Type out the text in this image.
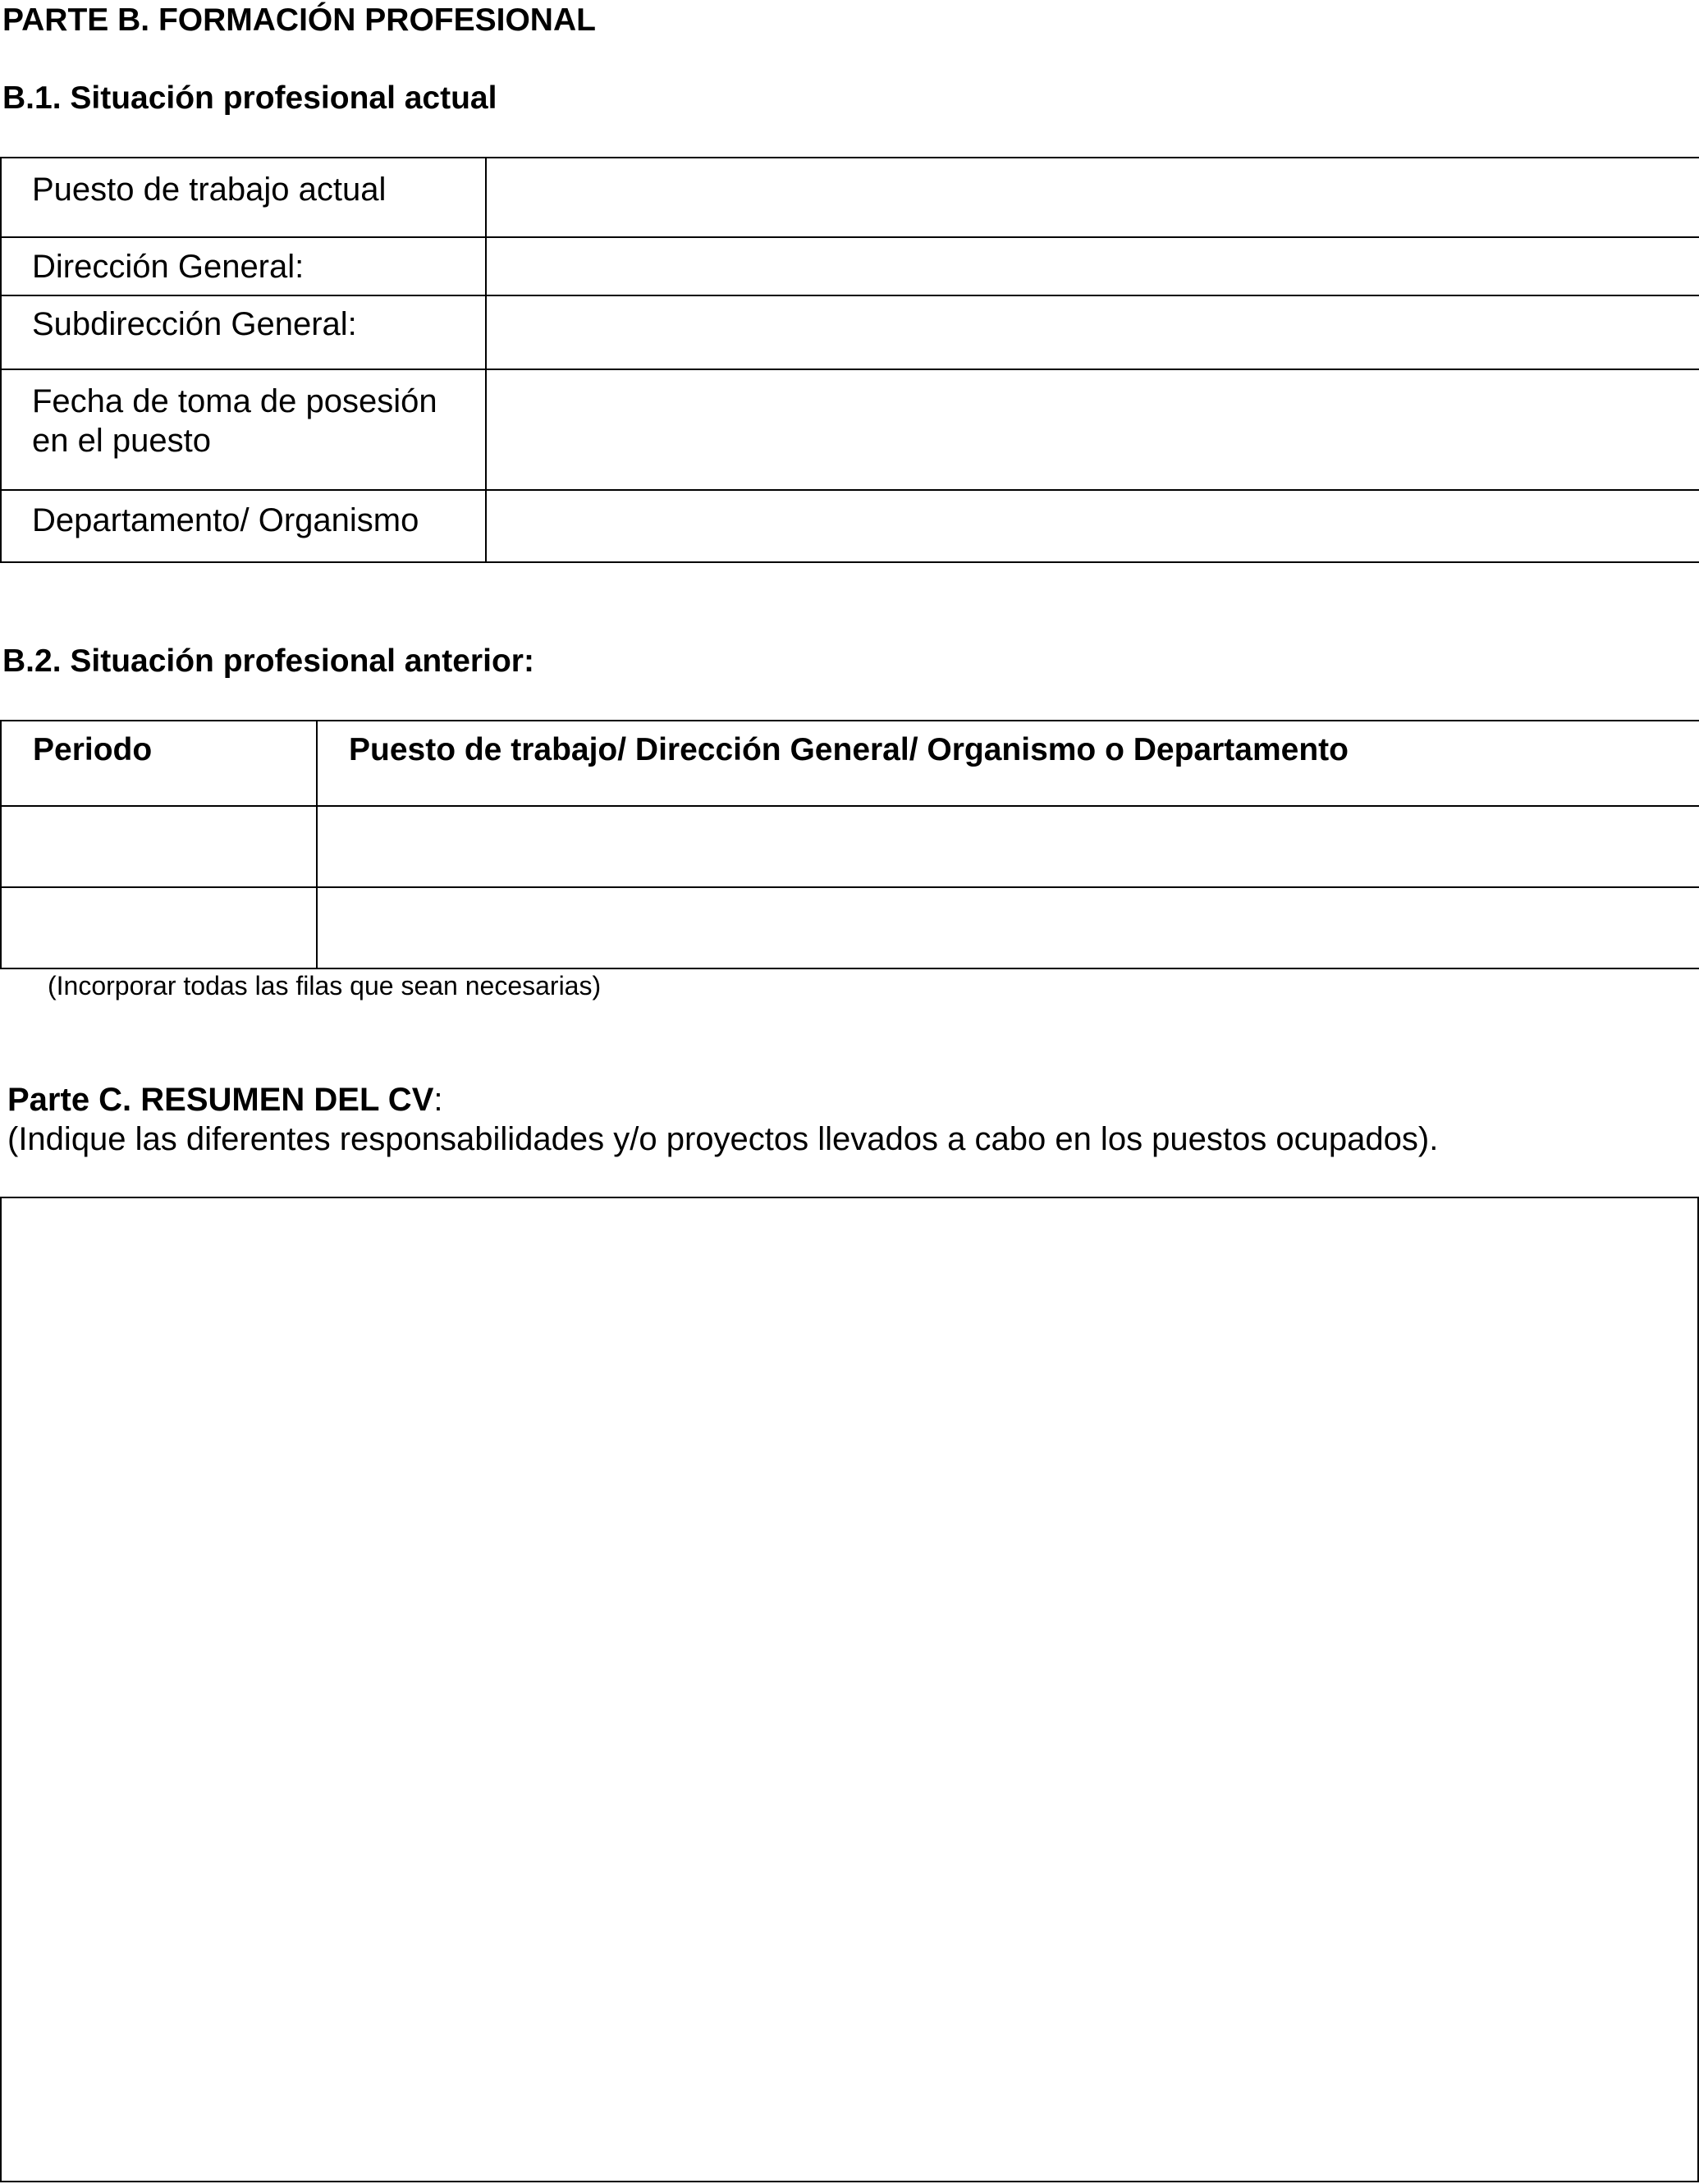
PARTE B. FORMACIÓN PROFESIONAL
B.1. Situación profesional actual
Puesto de trabajo actual	

Dirección General:	

Subdirección General:	

Fecha de toma de posesión en el puesto	

Departamento/ Organismo	

B.2. Situación profesional anterior:
Periodo	Puesto de trabajo/ Dirección General/ Organismo o Departamento

(Incorporar todas las filas que sean necesarias)
Parte C. RESUMEN DEL CV:
(Indique las diferentes responsabilidades y/o proyectos llevados a cabo en los puestos ocupados).
